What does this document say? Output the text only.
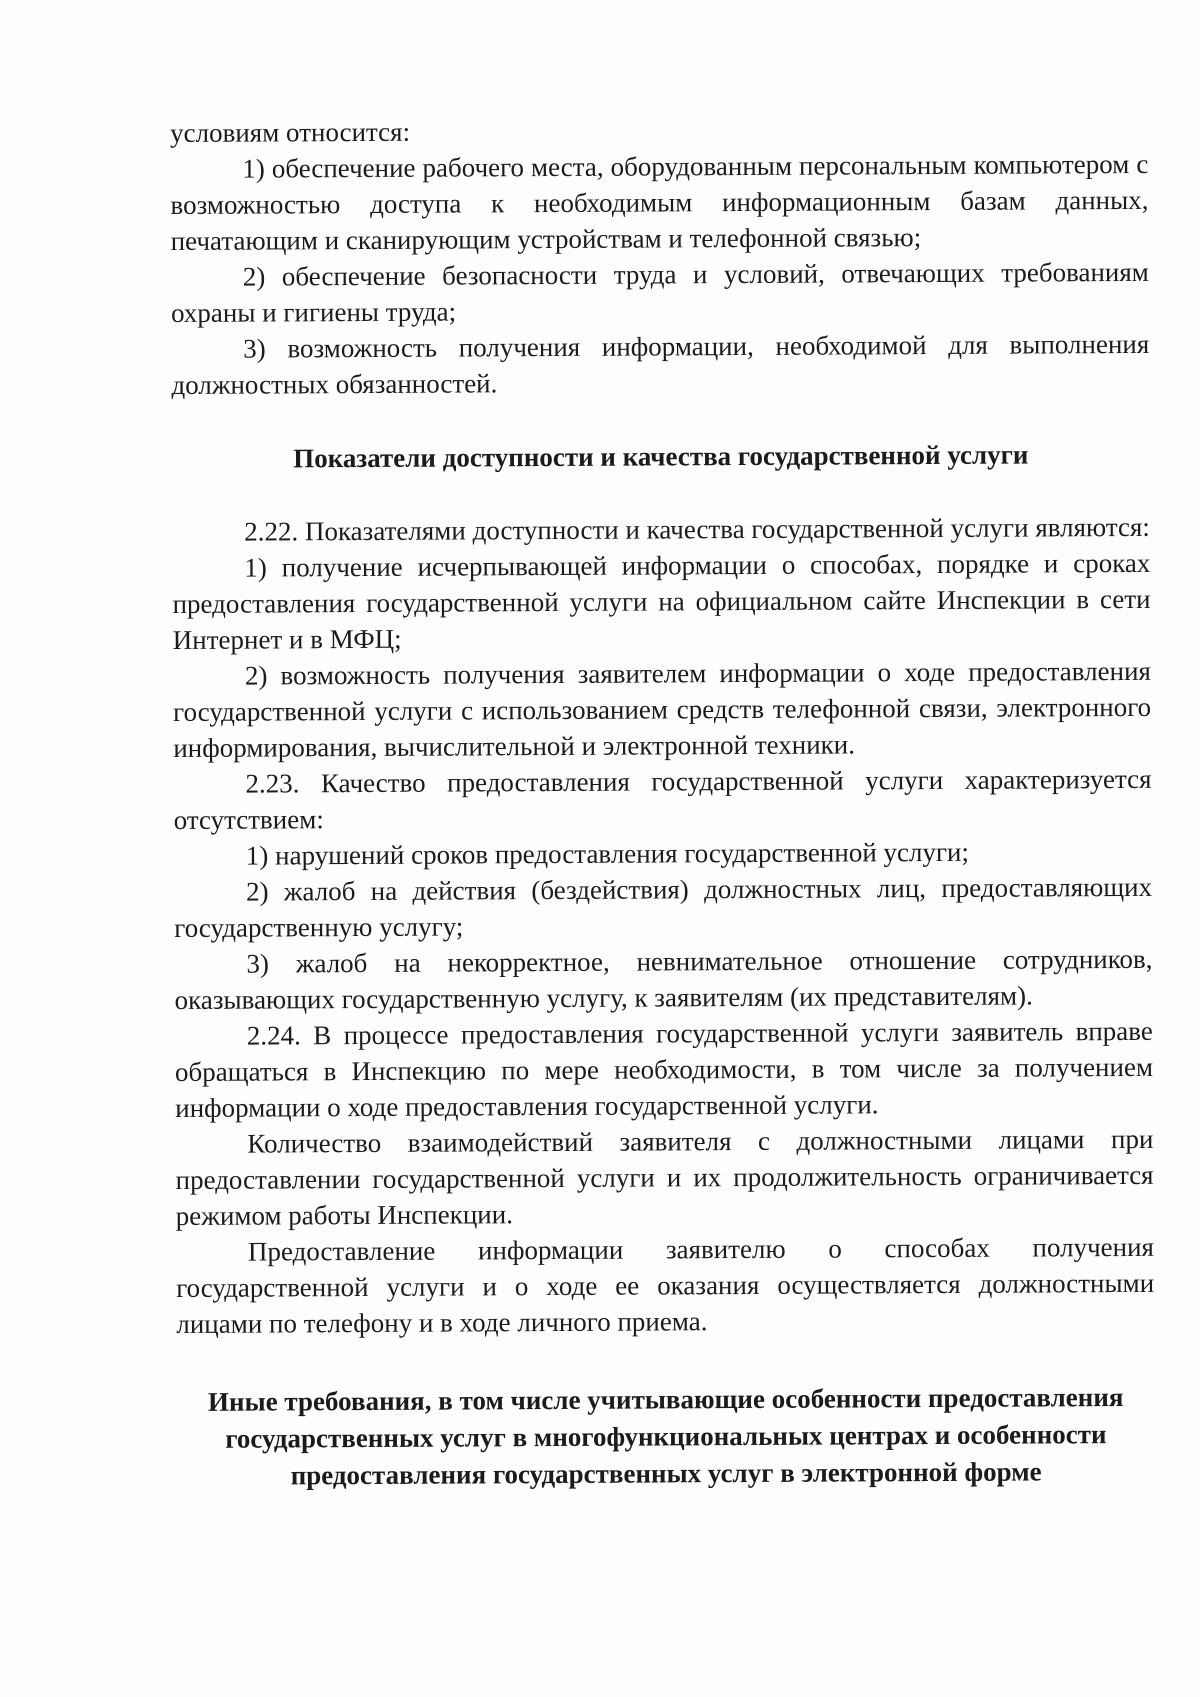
условиям относится:

1) обеспечение рабочего места, оборудованным персональным компьютером с возможностью доступа к необходимым информационным базам данных, печатающим и сканирующим устройствам и телефонной связью;

2) обеспечение безопасности труда и условий, отвечающих требованиям охраны и гигиены труда;

3) возможность получения информации, необходимой для выполнения должностных обязанностей.

Показатели доступности и качества государственной услуги

2.22. Показателями доступности и качества государственной услуги являются:

1) получение исчерпывающей информации о способах, порядке и сроках предоставления государственной услуги на официальном сайте Инспекции в сети Интернет и в МФЦ;

2) возможность получения заявителем информации о ходе предоставления государственной услуги с использованием средств телефонной связи, электронного информирования, вычислительной и электронной техники.

2.23. Качество предоставления государственной услуги характеризуется отсутствием:

1) нарушений сроков предоставления государственной услуги;

2) жалоб на действия (бездействия) должностных лиц, предоставляющих государственную услугу;

3) жалоб на некорректное, невнимательное отношение сотрудников, оказывающих государственную услугу, к заявителям (их представителям).

2.24. В процессе предоставления государственной услуги заявитель вправе обращаться в Инспекцию по мере необходимости, в том числе за получением информации о ходе предоставления государственной услуги.

Количество взаимодействий заявителя с должностными лицами при предоставлении государственной услуги и их продолжительность ограничивается режимом работы Инспекции.

Предоставление информации заявителю о способах получения государственной услуги и о ходе ее оказания осуществляется должностными лицами по телефону и в ходе личного приема.

Иные требования, в том числе учитывающие особенности предоставления

государственных услуг в многофункциональных центрах и особенности

предоставления государственных услуг в электронной форме
